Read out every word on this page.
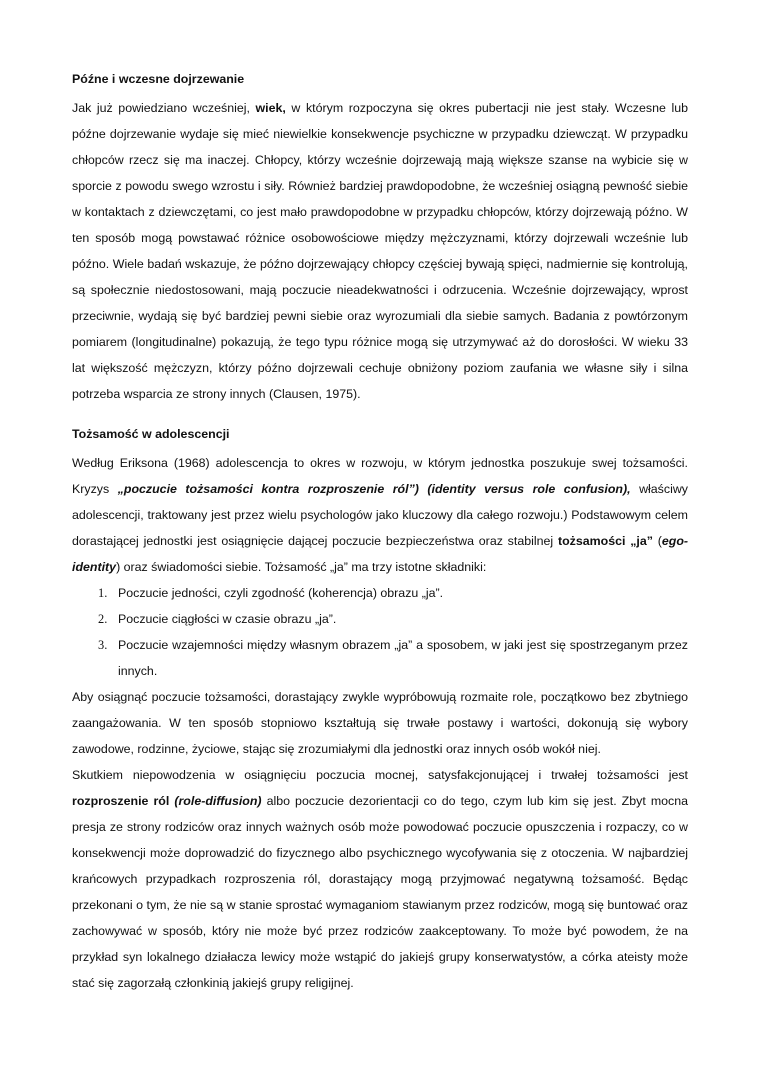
Późne i wczesne dojrzewanie

Jak już powiedziano wcześniej, wiek, w którym rozpoczyna się okres pubertacji nie jest stały. Wczesne lub późne dojrzewanie wydaje się mieć niewielkie konsekwencje psychiczne w przypadku dziewcząt. W przypadku chłopców rzecz się ma inaczej. Chłopcy, którzy wcześnie dojrzewają mają większe szanse na wybicie się w sporcie z powodu swego wzrostu i siły. Również bardziej prawdopodobne, że wcześniej osiągną pewność siebie w kontaktach z dziewczętami, co jest mało prawdopodobne w przypadku chłopców, którzy dojrzewają późno. W ten sposób mogą powstawać różnice osobowościowe między mężczyznami, którzy dojrzewali wcześnie lub późno. Wiele badań wskazuje, że późno dojrzewający chłopcy częściej bywają spięci, nadmiernie się kontrolują, są społecznie niedostosowani, mają poczucie nieadekwatności i odrzucenia. Wcześnie dojrzewający, wprost przeciwnie, wydają się być bardziej pewni siebie oraz wyrozumiali dla siebie samych. Badania z powtórzonym pomiarem (longitudinalne) pokazują, że tego typu różnice mogą się utrzymywać aż do dorosłości. W wieku 33 lat większość mężczyzn, którzy późno dojrzewali cechuje obniżony poziom zaufania we własne siły i silna potrzeba wsparcia ze strony innych (Clausen, 1975).

Tożsamość w adolescencji

Według Eriksona (1968) adolescencja to okres w rozwoju, w którym jednostka poszukuje swej tożsamości. Kryzys „poczucie tożsamości kontra rozproszenie ról”) (identity versus role confusion), właściwy adolescencji, traktowany jest przez wielu psychologów jako kluczowy dla całego rozwoju.) Podstawowym celem dorastającej jednostki jest osiągnięcie dającej poczucie bezpieczeństwa oraz stabilnej tożsamości „ja” (ego-identity) oraz świadomości siebie. Tożsamość „ja” ma trzy istotne składniki:

1. Poczucie jedności, czyli zgodność (koherencja) obrazu „ja”.
2. Poczucie ciągłości w czasie obrazu „ja”.
3. Poczucie wzajemności między własnym obrazem „ja” a sposobem, w jaki jest się spostrzeganym przez innych.

Aby osiągnąć poczucie tożsamości, dorastający zwykle wypróbowują rozmaite role, początkowo bez zbytniego zaangażowania. W ten sposób stopniowo kształtują się trwałe postawy i wartości, dokonują się wybory zawodowe, rodzinne, życiowe, stając się zrozumiałymi dla jednostki oraz innych osób wokół niej.

Skutkiem niepowodzenia w osiągnięciu poczucia mocnej, satysfakcjonującej i trwałej tożsamości jest rozproszenie ról (role-diffusion) albo poczucie dezorientacji co do tego, czym lub kim się jest. Zbyt mocna presja ze strony rodziców oraz innych ważnych osób może powodować poczucie opuszczenia i rozpaczy, co w konsekwencji może doprowadzić do fizycznego albo psychicznego wycofywania się z otoczenia. W najbardziej krańcowych przypadkach rozproszenia ról, dorastający mogą przyjmować negatywną tożsamość. Będąc przekonani o tym, że nie są w stanie sprostać wymaganiom stawianym przez rodziców, mogą się buntować oraz zachowywać w sposób, który nie może być przez rodziców zaakceptowany. To może być powodem, że na przykład syn lokalnego działacza lewicy może wstąpić do jakiejś grupy konserwatystów, a córka ateisty może stać się zagorzałą członkinią jakiejś grupy religijnej.
